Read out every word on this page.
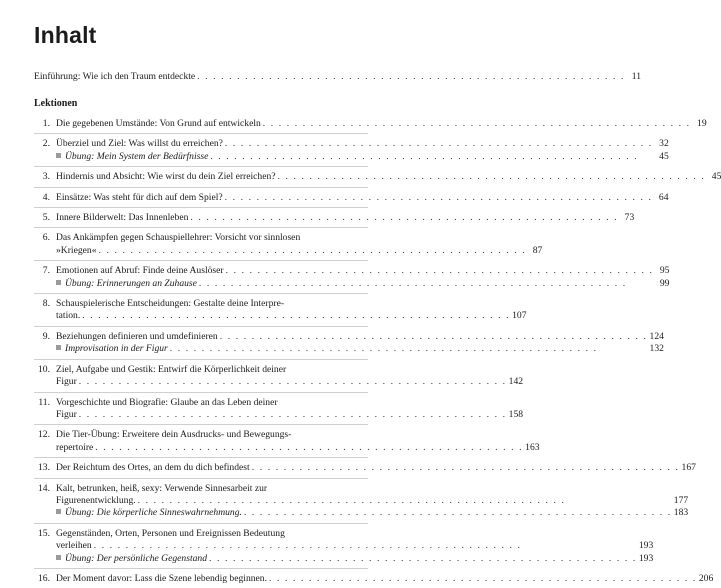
Inhalt
Einführung: Wie ich den Traum entdeckte . . . . . . . . . . . . . . . . . . . . . . . . . . . . . . . . . . . . . . . . . . . . . . . . . . . . . . 11
Lektionen
1. Die gegebenen Umstände: Von Grund auf entwickeln . . . . . . . . . . . . . . . . . . . . . . . . . . . . . . . . . . . . . . . . . . . . . . . . . . . . . . 19
2. Überziel und Ziel: Was willst du erreichen? . . . . . . . . . . . . . . . . . . . . . . . . . . . . . . . . . . . . . . . . . . . . . . . . . . . . . . 32
Übung: Mein System der Bedürfnisse . . . . . . . . . . . . . . . . . . . . . . . . . . . . . . . . . . . . . . . . . . . . . . . . . . . . . .	45
3. Hindernis und Absicht: Wie wirst du dein Ziel erreichen? . . . . . . . . . . . . . . . . . . . . . . . . . . . . . . . . . . . . . . . . . . . . . . . . . . . . . . 45
4. Einsätze: Was steht für dich auf dem Spiel? . . . . . . . . . . . . . . . . . . . . . . . . . . . . . . . . . . . . . . . . . . . . . . . . . . . . . . 64
5. Innere Bilderwelt: Das Innenleben . . . . . . . . . . . . . . . . . . . . . . . . . . . . . . . . . . . . . . . . . . . . . . . . . . . . . . 73
6. Das Ankämpfen gegen Schauspiellehrer: Vorsicht vor sinnlosen
»Kriegen« . . . . . . . . . . . . . . . . . . . . . . . . . . . . . . . . . . . . . . . . . . . . . . . . . . . . . . 87
7. Emotionen auf Abruf: Finde deine Auslöser . . . . . . . . . . . . . . . . . . . . . . . . . . . . . . . . . . . . . . . . . . . . . . . . . . . . . . 95
Übung: Erinnerungen an Zuhause . . . . . . . . . . . . . . . . . . . . . . . . . . . . . . . . . . . . . . . . . . . . . . . . . . . . . .	99
8. Schauspielerische Entscheidungen: Gestalte deine Interpre-
tation. . . . . . . . . . . . . . . . . . . . . . . . . . . . . . . . . . . . . . . . . . . . . . . . . . . . . . . 107
9. Beziehungen definieren und umdefinieren . . . . . . . . . . . . . . . . . . . . . . . . . . . . . . . . . . . . . . . . . . . . . . . . . . . . . . 124
Improvisation in der Figur . . . . . . . . . . . . . . . . . . . . . . . . . . . . . . . . . . . . . . . . . . . . . . . . . . . . . .	132
10. Ziel, Aufgabe und Gestik: Entwirf die Körperlichkeit deiner
Figur . . . . . . . . . . . . . . . . . . . . . . . . . . . . . . . . . . . . . . . . . . . . . . . . . . . . . . 142
11. Vorgeschichte und Biografie: Glaube an das Leben deiner
Figur . . . . . . . . . . . . . . . . . . . . . . . . . . . . . . . . . . . . . . . . . . . . . . . . . . . . . . 158
12. Die Tier-Übung: Erweitere dein Ausdrucks- und Bewegungs-
repertoire . . . . . . . . . . . . . . . . . . . . . . . . . . . . . . . . . . . . . . . . . . . . . . . . . . . . . . 163
13. Der Reichtum des Ortes, an dem du dich befindest . . . . . . . . . . . . . . . . . . . . . . . . . . . . . . . . . . . . . . . . . . . . . . . . . . . . . . 167
14. Kalt, betrunken, heiß, sexy: Verwende Sinnesarbeit zur
Figurenentwicklung. . . . . . . . . . . . . . . . . . . . . . . . . . . . . . . . . . . . . . . . . . . . . . . . . . . . . . .	177
Übung: Die körperliche Sinneswahrnehmung. . . . . . . . . . . . . . . . . . . . . . . . . . . . . . . . . . . . . . . . . . . . . . . . . . . . . . . 183
15. Gegenständen, Orten, Personen und Ereignissen Bedeutung
verleihen . . . . . . . . . . . . . . . . . . . . . . . . . . . . . . . . . . . . . . . . . . . . . . . . . . . . . .	193
Übung: Der persönliche Gegenstand . . . . . . . . . . . . . . . . . . . . . . . . . . . . . . . . . . . . . . . . . . . . . . . . . . . . . . 193
16. Der Moment davor: Lass die Szene lebendig beginnen. . . . . . . . . . . . . . . . . . . . . . . . . . . . . . . . . . . . . . . . . . . . . . . . . . . . . . . 206
